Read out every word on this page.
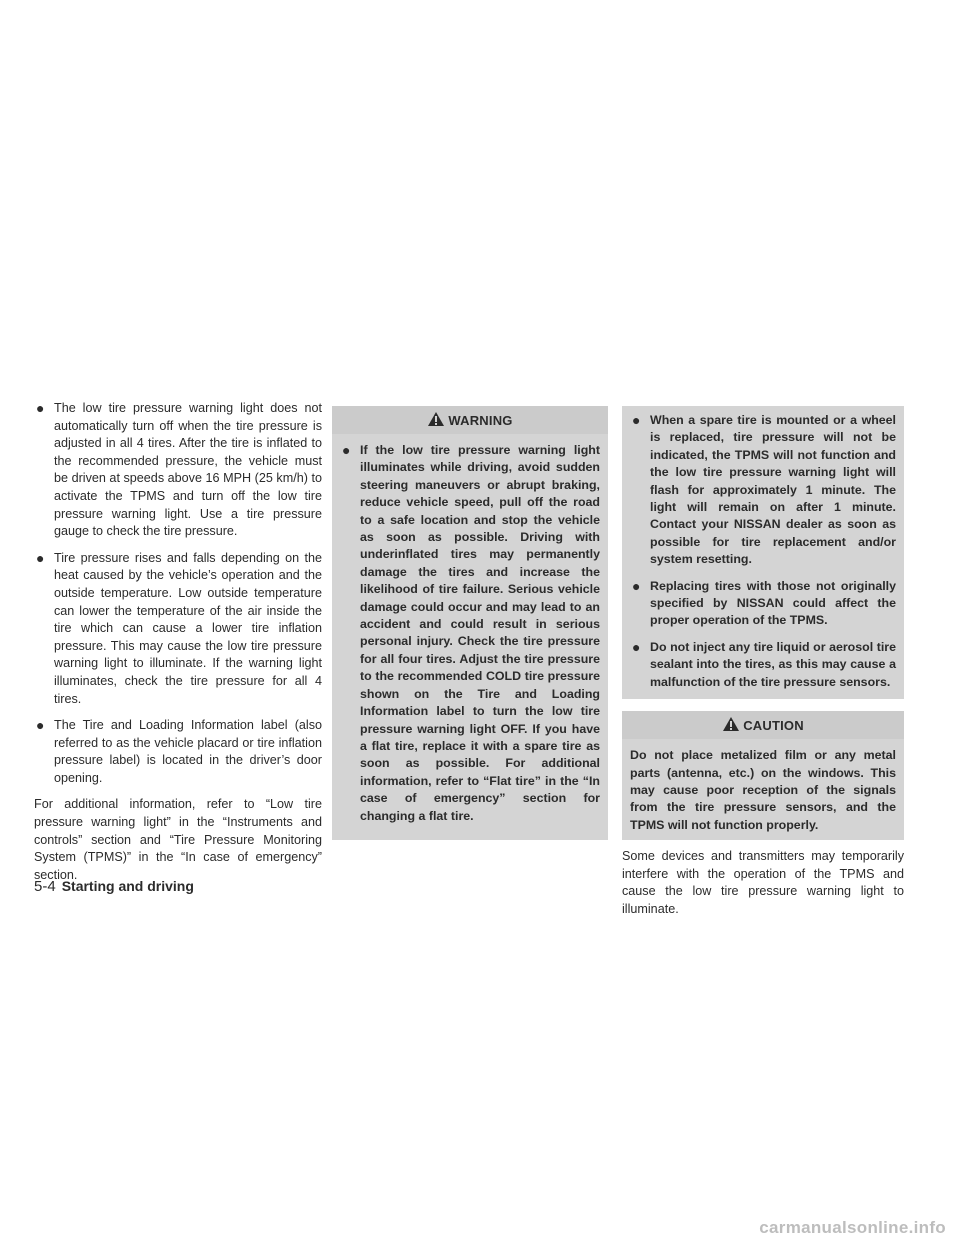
● The low tire pressure warning light does not automatically turn off when the tire pressure is adjusted in all 4 tires. After the tire is inflated to the recommended pressure, the vehicle must be driven at speeds above 16 MPH (25 km/h) to activate the TPMS and turn off the low tire pressure warning light. Use a tire pressure gauge to check the tire pressure.
● Tire pressure rises and falls depending on the heat caused by the vehicle’s operation and the outside temperature. Low outside temperature can lower the temperature of the air inside the tire which can cause a lower tire inflation pressure. This may cause the low tire pressure warning light to illuminate. If the warning light illuminates, check the tire pressure for all 4 tires.
● The Tire and Loading Information label (also referred to as the vehicle placard or tire inflation pressure label) is located in the driver’s door opening.

For additional information, refer to “Low tire pressure warning light” in the “Instruments and controls” section and “Tire Pressure Monitoring System (TPMS)” in the “In case of emergency” section.

WARNING
● If the low tire pressure warning light illuminates while driving, avoid sudden steering maneuvers or abrupt braking, reduce vehicle speed, pull off the road to a safe location and stop the vehicle as soon as possible. Driving with underinflated tires may permanently damage the tires and increase the likelihood of tire failure. Serious vehicle damage could occur and may lead to an accident and could result in serious personal injury. Check the tire pressure for all four tires. Adjust the tire pressure to the recommended COLD tire pressure shown on the Tire and Loading Information label to turn the low tire pressure warning light OFF. If you have a flat tire, replace it with a spare tire as soon as possible. For additional information, refer to “Flat tire” in the “In case of emergency” section for changing a flat tire.
● When a spare tire is mounted or a wheel is replaced, tire pressure will not be indicated, the TPMS will not function and the low tire pressure warning light will flash for approximately 1 minute. The light will remain on after 1 minute. Contact your NISSAN dealer as soon as possible for tire replacement and/or system resetting.
● Replacing tires with those not originally specified by NISSAN could affect the proper operation of the TPMS.
● Do not inject any tire liquid or aerosol tire sealant into the tires, as this may cause a malfunction of the tire pressure sensors.
CAUTION

Do not place metalized film or any metal parts (antenna, etc.) on the windows. This may cause poor reception of the signals from the tire pressure sensors, and the TPMS will not function properly.

Some devices and transmitters may temporarily interfere with the operation of the TPMS and cause the low tire pressure warning light to illuminate.

5-4 Starting and driving
carmanualsonline.info
